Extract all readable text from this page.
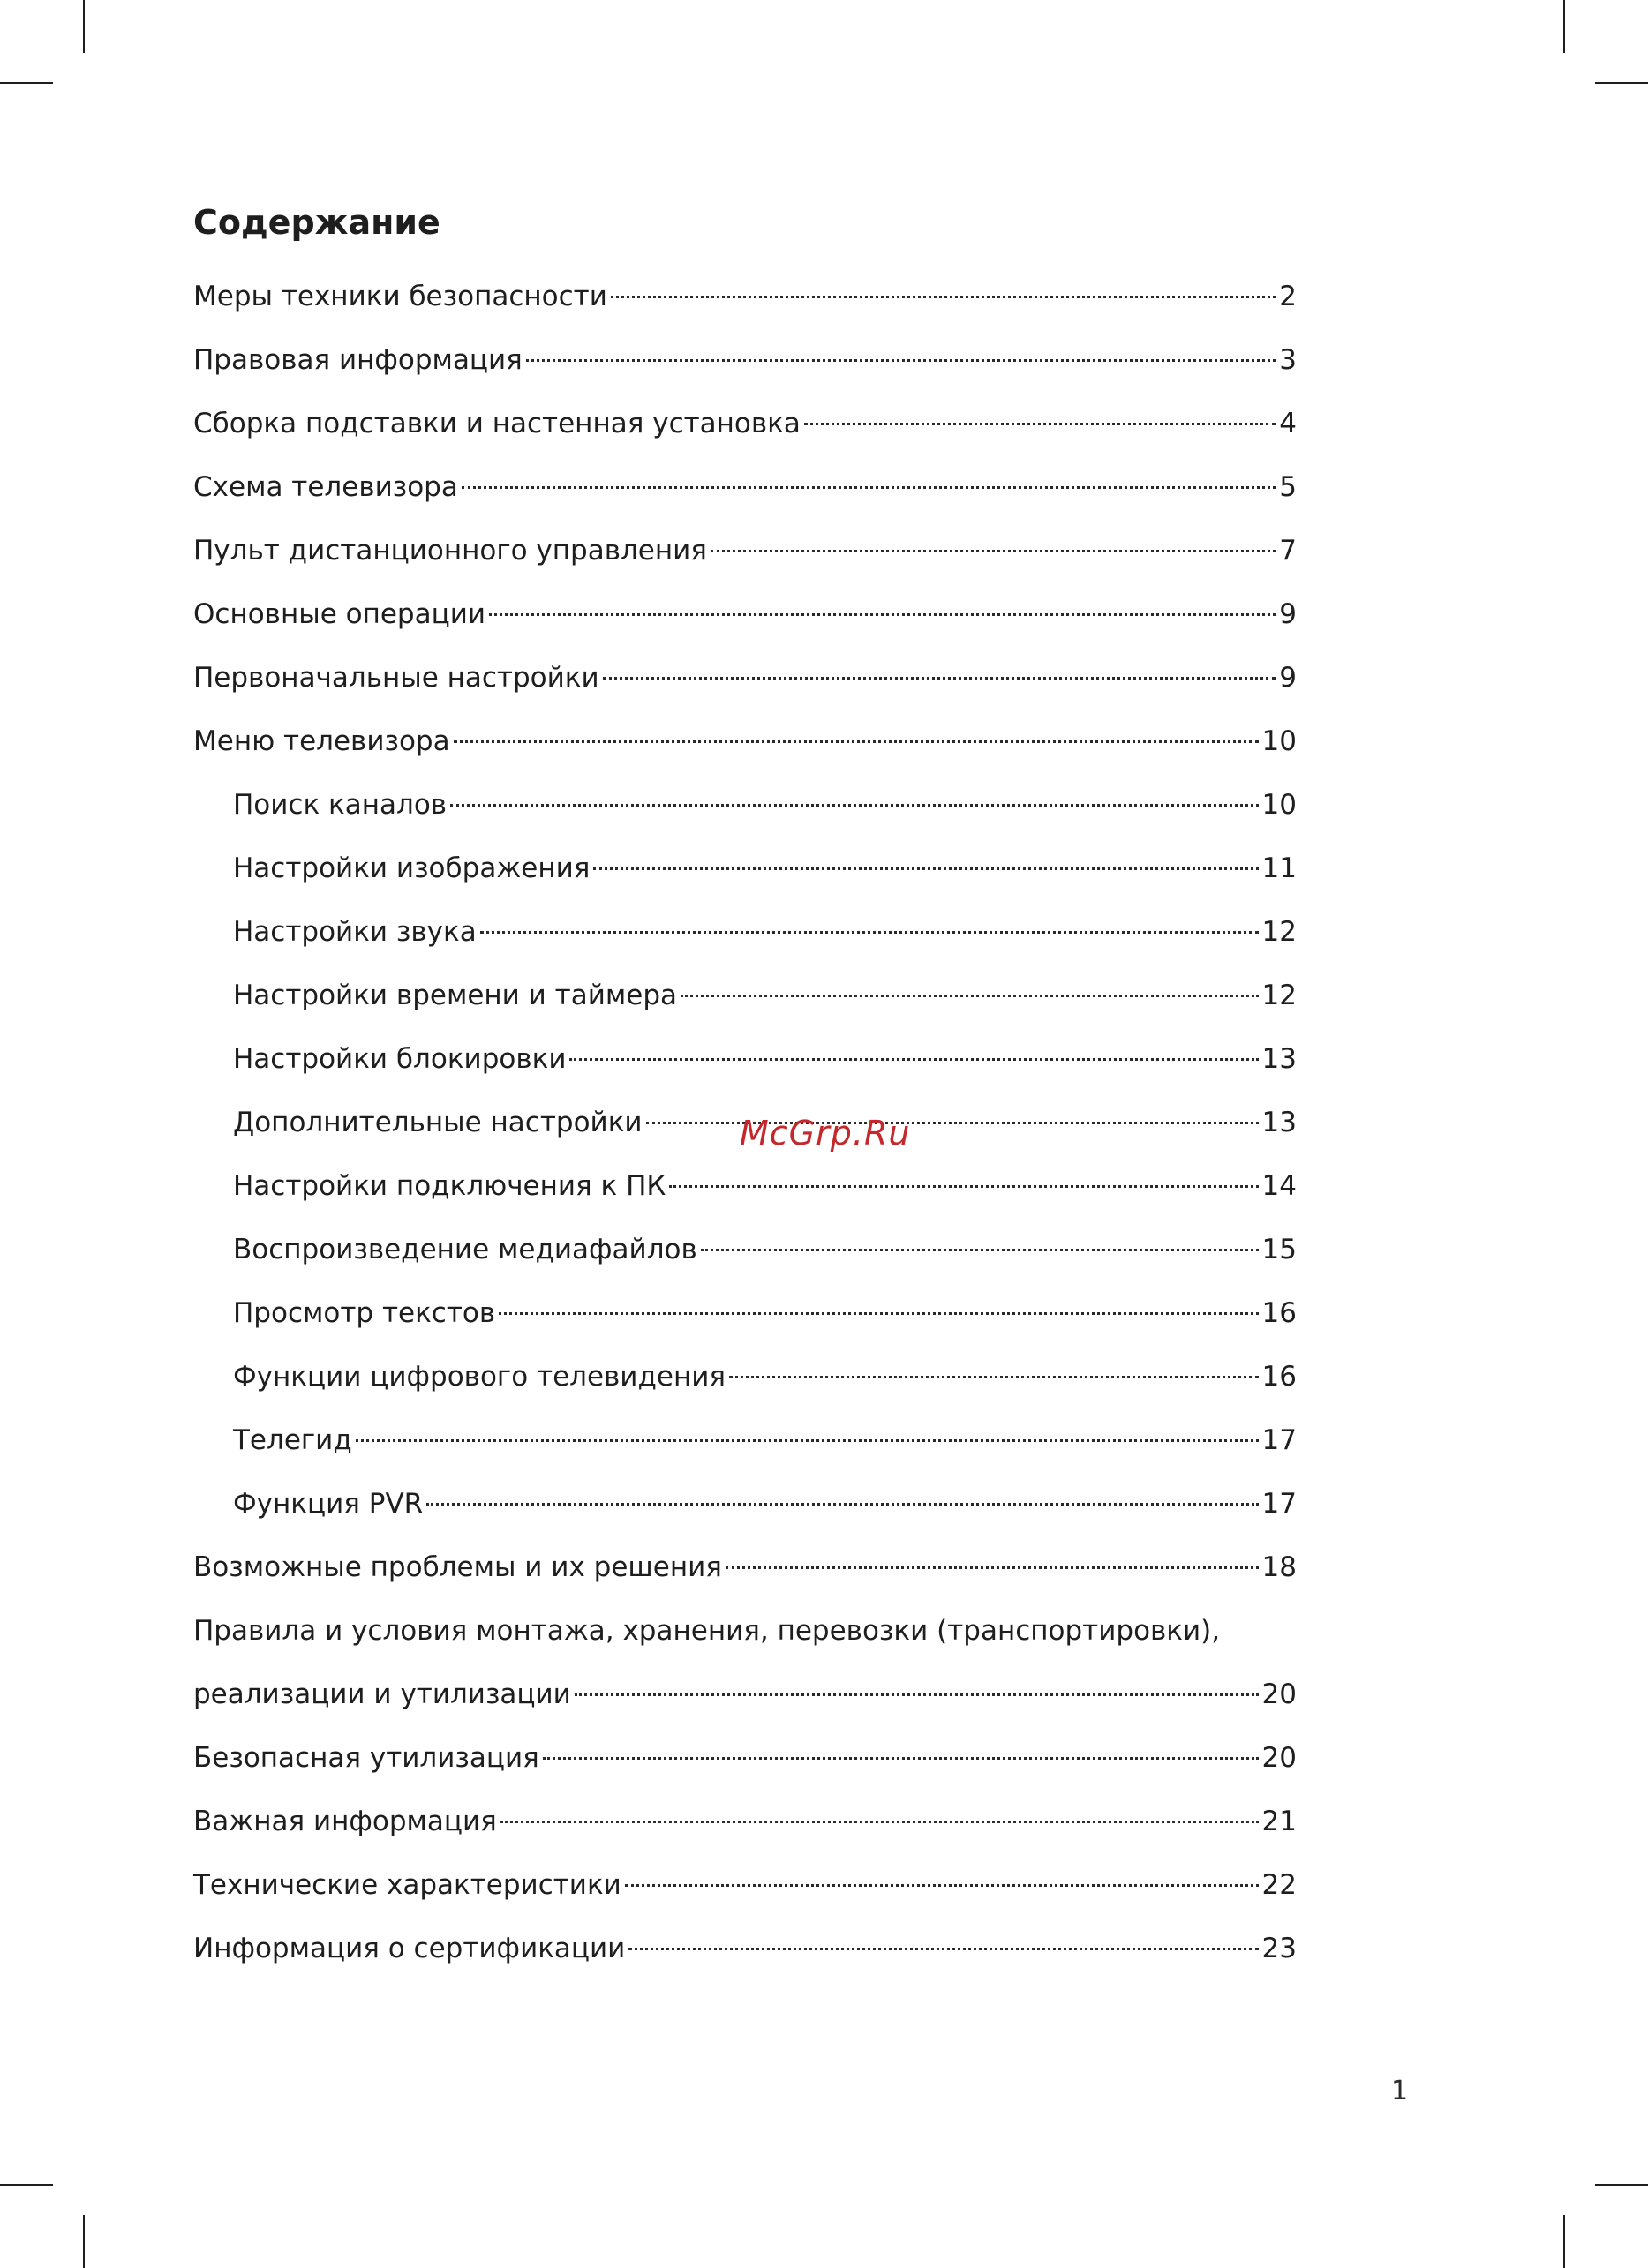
Содержание
Меры техники безопасности	2
Правовая информация	3
Сборка подставки и настенная установка	4
Схема телевизора	5
Пульт дистанционного управления	7
Основные операции	9
Первоначальные настройки	9
Меню телевизора	10
Поиск каналов	10
Настройки изображения	11
Настройки звука	12
Настройки времени и таймера	12
Настройки блокировки	13
Дополнительные настройки	13
Настройки подключения к ПК	14
Воспроизведение медиафайлов	15
Просмотр текстов	16
Функции цифрового телевидения	16
Телегид	17
Функция PVR	17
Возможные проблемы и их решения	18
Правила и условия монтажа, хранения, перевозки (транспортировки),
реализации и утилизации	20
Безопасная утилизация	20
Важная информация	21
Технические характеристики	22
Информация о сертификации	23
McGrp.Ru
1
